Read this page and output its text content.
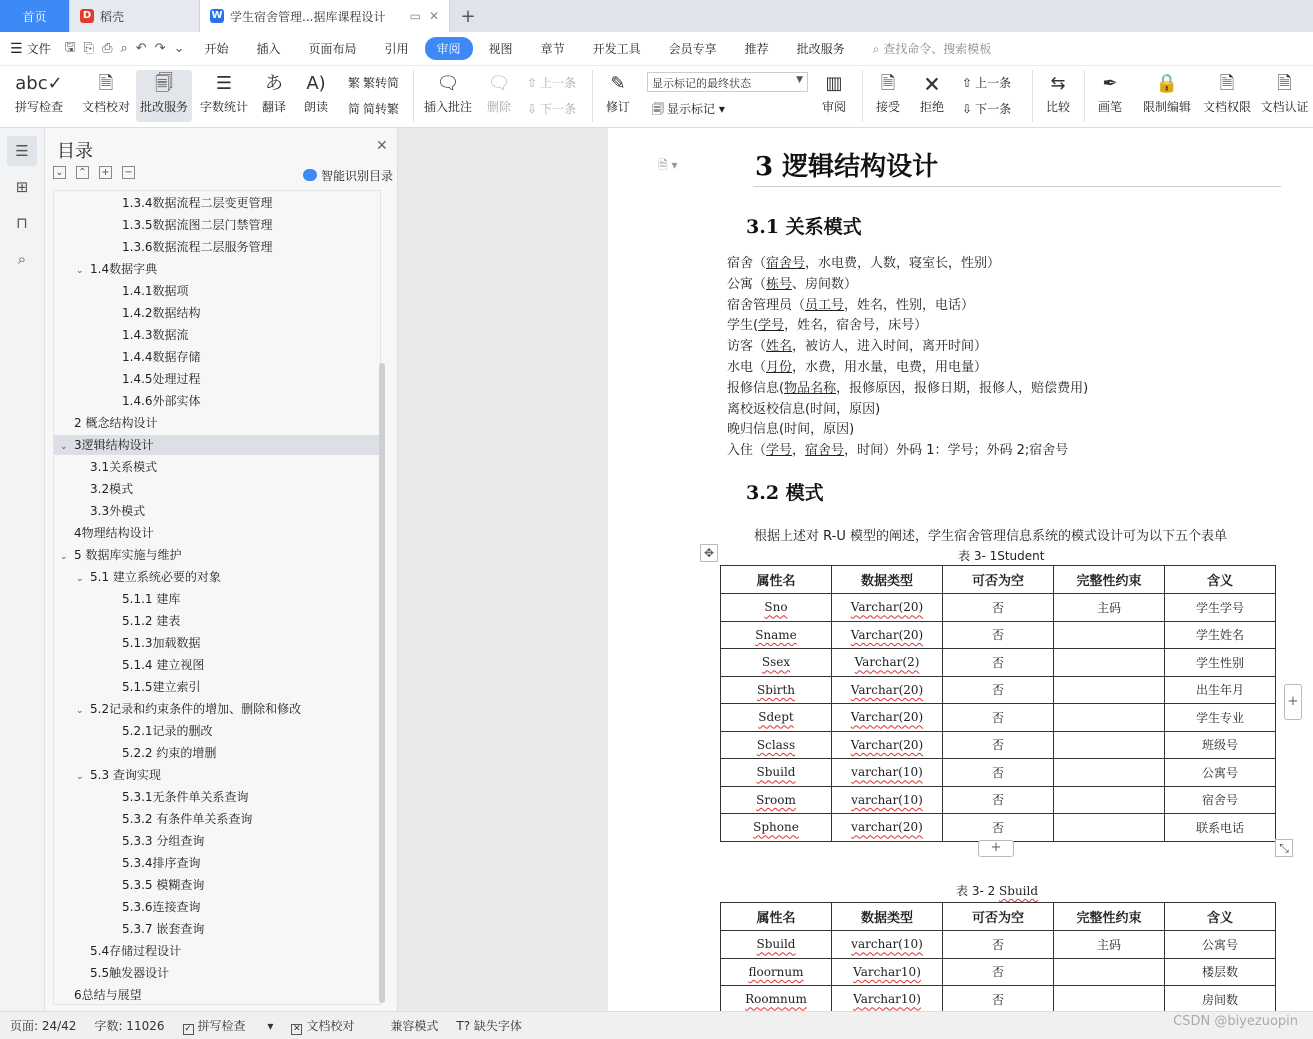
首页	D 稻壳	W 学生宿舍管理...据库课程设计	▭ ✕	+
☰ 文件 🖫 ⎘ ⎙ ⌕ ↶ ↷ ⌄	开始	插入	页面布局	引用	审阅	视图	章节	开发工具	会员专享	推荐	批改服务	⌕ 查找命令、搜索模板
abc✓
拼写检查
🗎
文档校对
🗐
批改服务
☰
字数统计
あ
翻译
A)
朗读
繁 繁转简
简 简转繁
🗨
插入批注
🗨
删除
⇧ 上一条
⇩ 下一条
✎
修订
显示标记的最终状态	▼
🗐 显示标记 ▾
▥
审阅
🗎
接受
🗙
拒绝
⇧ 上一条
⇩ 下一条
⇆
比较
✒
画笔
🔒
限制编辑
🗎
文档权限
🗎
文档认证
☰
⊞
⊓
⌕
目录	✕
⌄ ⌃ + −	智能识别目录
1.3.4数据流程二层变更管理
1.3.5数据流图二层门禁管理
1.3.6数据流程二层服务管理
⌄ 1.4数据字典
1.4.1数据项
1.4.2数据结构
1.4.3数据流
1.4.4数据存储
1.4.5处理过程
1.4.6外部实体
2 概念结构设计
⌄ 3逻辑结构设计
3.1关系模式
3.2模式
3.3外模式
4物理结构设计
⌄ 5 数据库实施与维护
⌄ 5.1 建立系统必要的对象
5.1.1 建库
5.1.2 建表
5.1.3加载数据
5.1.4 建立视图
5.1.5建立索引
⌄ 5.2记录和约束条件的增加、删除和修改
5.2.1记录的删改
5.2.2 约束的增删
⌄ 5.3 查询实现
5.3.1无条件单关系查询
5.3.2 有条件单关系查询
5.3.3 分组查询
5.3.4排序查询
5.3.5 模糊查询
5.3.6连接查询
5.3.7 嵌套查询
5.4存储过程设计
5.5触发器设计
6总结与展望
🗎 ▾	3 逻辑结构设计
3.1 关系模式
宿舍（宿舍号，水电费，人数，寝室长，性别）
公寓（栋号、房间数）
宿舍管理员（员工号，姓名，性别，电话）
学生(学号，姓名，宿舍号，床号）
访客（姓名，被访人，进入时间，离开时间）
水电（月份，水费，用水量，电费，用电量）
报修信息(物品名称，报修原因，报修日期，报修人，赔偿费用)
离校返校信息(时间，原因)
晚归信息(时间，原因)
入住（学号，宿舍号，时间）外码 1：学号；外码 2;宿舍号
3.2 模式
根据上述对 R-U 模型的阐述，学生宿舍管理信息系统的模式设计可为以下五个表单
✥	表 3- 1Student
属性名	数据类型	可否为空	完整性约束	含义
Sno	Varchar(20)	否	主码	学生学号
Sname	Varchar(20)	否		学生姓名
Ssex	Varchar(2)	否		学生性别
Sbirth	Varchar(20)	否		出生年月
Sdept	Varchar(20)	否		学生专业
Sclass	Varchar(20)	否		班级号
Sbuild	varchar(10)	否		公寓号
Sroom	varchar(10)	否		宿舍号
Sphone	varchar(20)	否		联系电话
+
+
⤡
表 3- 2 Sbuild
属性名	数据类型	可否为空	完整性约束	含义
Sbuild	varchar(10)	否	主码	公寓号
floornum	Varchar10)	否		楼层数
Roomnum	Varchar10)	否		房间数
页面: 24/42 字数: 11026 ✓ 拼写检查 ▾ ✕ 文档校对	兼容模式 T? 缺失字体	CSDN @biyezuopin
